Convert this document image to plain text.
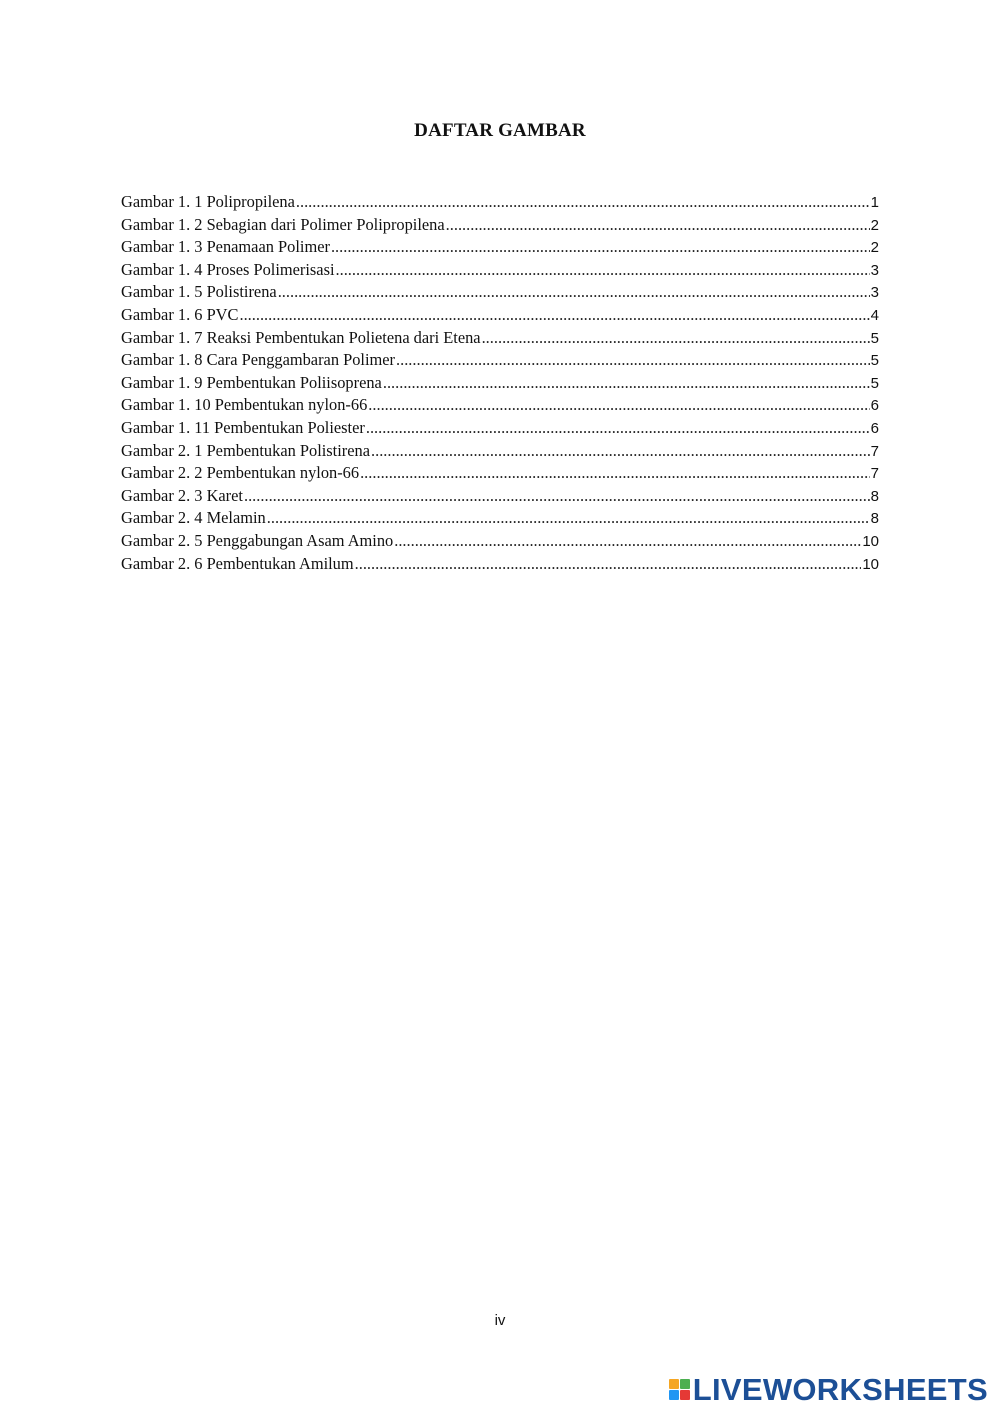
DAFTAR GAMBAR
Gambar 1. 1 Polipropilena .....	1
Gambar 1. 2 Sebagian dari Polimer Polipropilena .....	2
Gambar 1. 3 Penamaan Polimer .....	2
Gambar 1. 4 Proses Polimerisasi .....	3
Gambar 1. 5 Polistirena .....	3
Gambar 1. 6 PVC .....	4
Gambar 1. 7 Reaksi Pembentukan Polietena dari Etena .....	5
Gambar 1. 8 Cara Penggambaran Polimer .....	5
Gambar 1. 9 Pembentukan Poliisoprena .....	5
Gambar 1. 10 Pembentukan nylon-66 .....	6
Gambar 1. 11 Pembentukan Poliester .....	6
Gambar 2. 1 Pembentukan Polistirena .....	7
Gambar 2. 2 Pembentukan nylon-66 .....	7
Gambar 2. 3 Karet .....	8
Gambar 2. 4 Melamin .....	8
Gambar 2. 5 Penggabungan Asam Amino .....	10
Gambar 2. 6 Pembentukan Amilum .....	10
iv
LIVEWORKSHEETS
